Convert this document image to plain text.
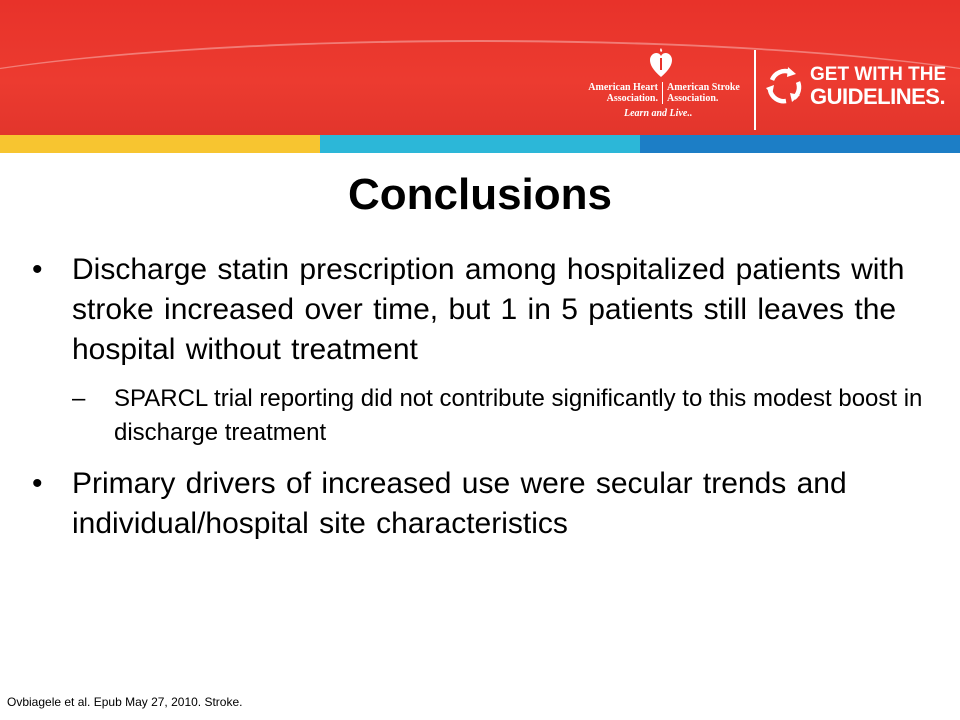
American Heart
Association.
American Stroke
Association.
Learn and Live..
GET WITH THE
GUIDELINES.
Conclusions
• Discharge statin prescription among hospitalized patients with stroke increased over time, but 1 in 5 patients still leaves the hospital without treatment
– SPARCL trial reporting did not contribute significantly to this modest boost in discharge treatment
• Primary drivers of increased use were secular trends and individual/hospital site characteristics
Ovbiagele et al. Epub May 27, 2010. Stroke.
